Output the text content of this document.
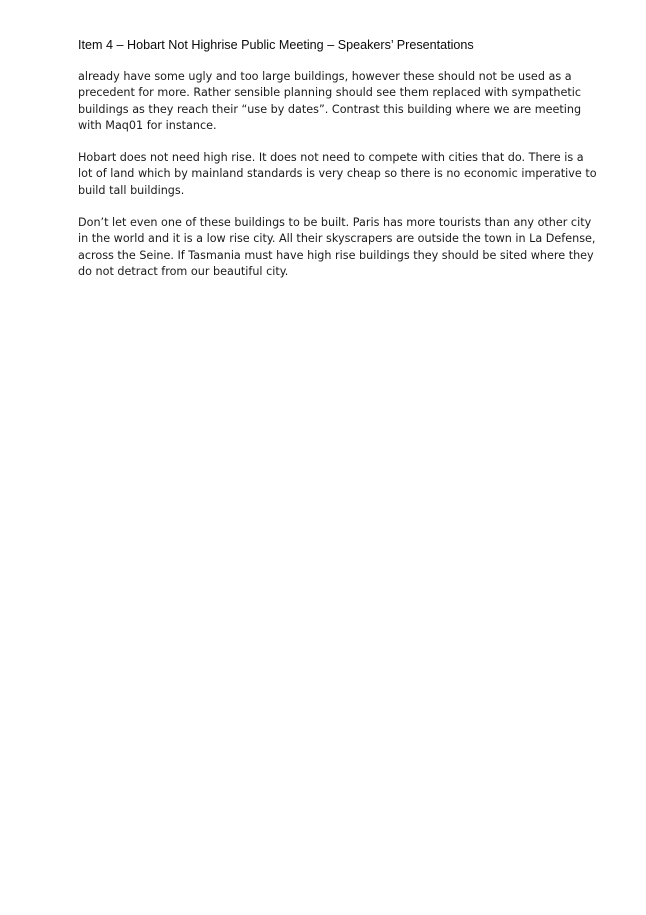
Item 4 – Hobart Not Highrise Public Meeting – Speakers’ Presentations

already have some ugly and too large buildings, however these should not be used as a
precedent for more. Rather sensible planning should see them replaced with sympathetic
buildings as they reach their “use by dates”. Contrast this building where we are meeting
with Maq01 for instance.

Hobart does not need high rise. It does not need to compete with cities that do. There is a
lot of land which by mainland standards is very cheap so there is no economic imperative to
build tall buildings.

Don’t let even one of these buildings to be built. Paris has more tourists than any other city
in the world and it is a low rise city. All their skyscrapers are outside the town in La Defense,
across the Seine. If Tasmania must have high rise buildings they should be sited where they
do not detract from our beautiful city.
